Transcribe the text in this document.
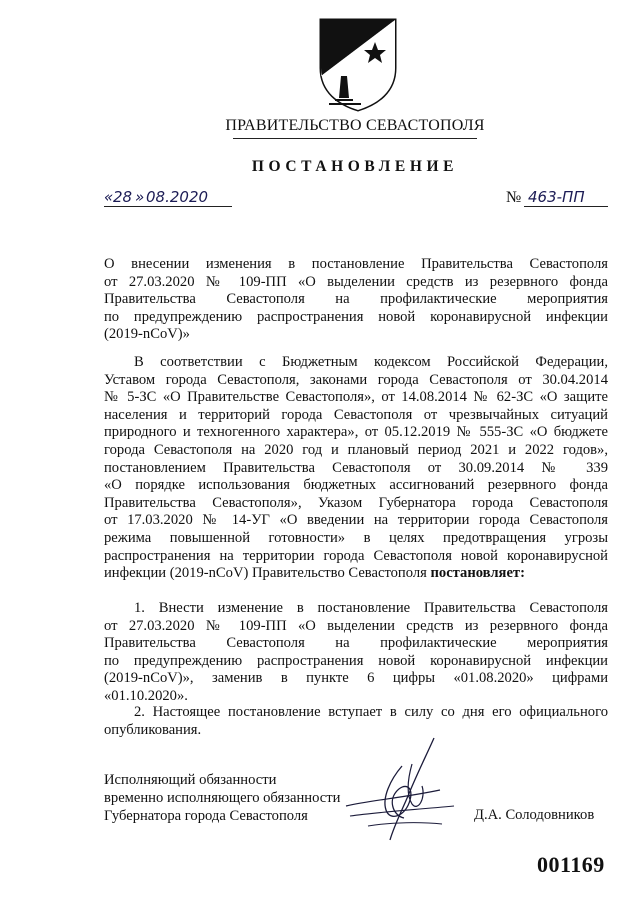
ПРАВИТЕЛЬСТВО СЕВАСТОПОЛЯ
ПОСТАНОВЛЕНИЕ
« 28 » 08.2020	№ 463-ПП
О внесении изменения в постановление Правительства Севастополя
от 27.03.2020 № 109-ПП «О выделении средств из резервного фонда
Правительства Севастополя на профилактические мероприятия
по предупреждению распространения новой коронавирусной инфекции
(2019-nCoV)»
В соответствии с Бюджетным кодексом Российской Федерации,
Уставом города Севастополя, законами города Севастополя от 30.04.2014
№ 5-ЗС «О Правительстве Севастополя», от 14.08.2014 № 62-ЗС «О защите
населения и территорий города Севастополя от чрезвычайных ситуаций
природного и техногенного характера», от 05.12.2019 № 555-ЗС «О бюджете
города Севастополя на 2020 год и плановый период 2021 и 2022 годов»,
постановлением Правительства Севастополя от 30.09.2014 № 339
«О порядке использования бюджетных ассигнований резервного фонда
Правительства Севастополя», Указом Губернатора города Севастополя
от 17.03.2020 № 14-УГ «О введении на территории города Севастополя
режима повышенной готовности» в целях предотвращения угрозы
распространения на территории города Севастополя новой коронавирусной
инфекции (2019-nCoV) Правительство Севастополя постановляет:
1. Внести изменение в постановление Правительства Севастополя
от 27.03.2020 № 109-ПП «О выделении средств из резервного фонда
Правительства Севастополя на профилактические мероприятия
по предупреждению распространения новой коронавирусной инфекции
(2019-nCoV)», заменив в пункте 6 цифры «01.08.2020» цифрами
«01.10.2020».
2. Настоящее постановление вступает в силу со дня его официального
опубликования.
Исполняющий обязанности
временно исполняющего обязанности
Губернатора города Севастополя	Д.А. Солодовников
001169
